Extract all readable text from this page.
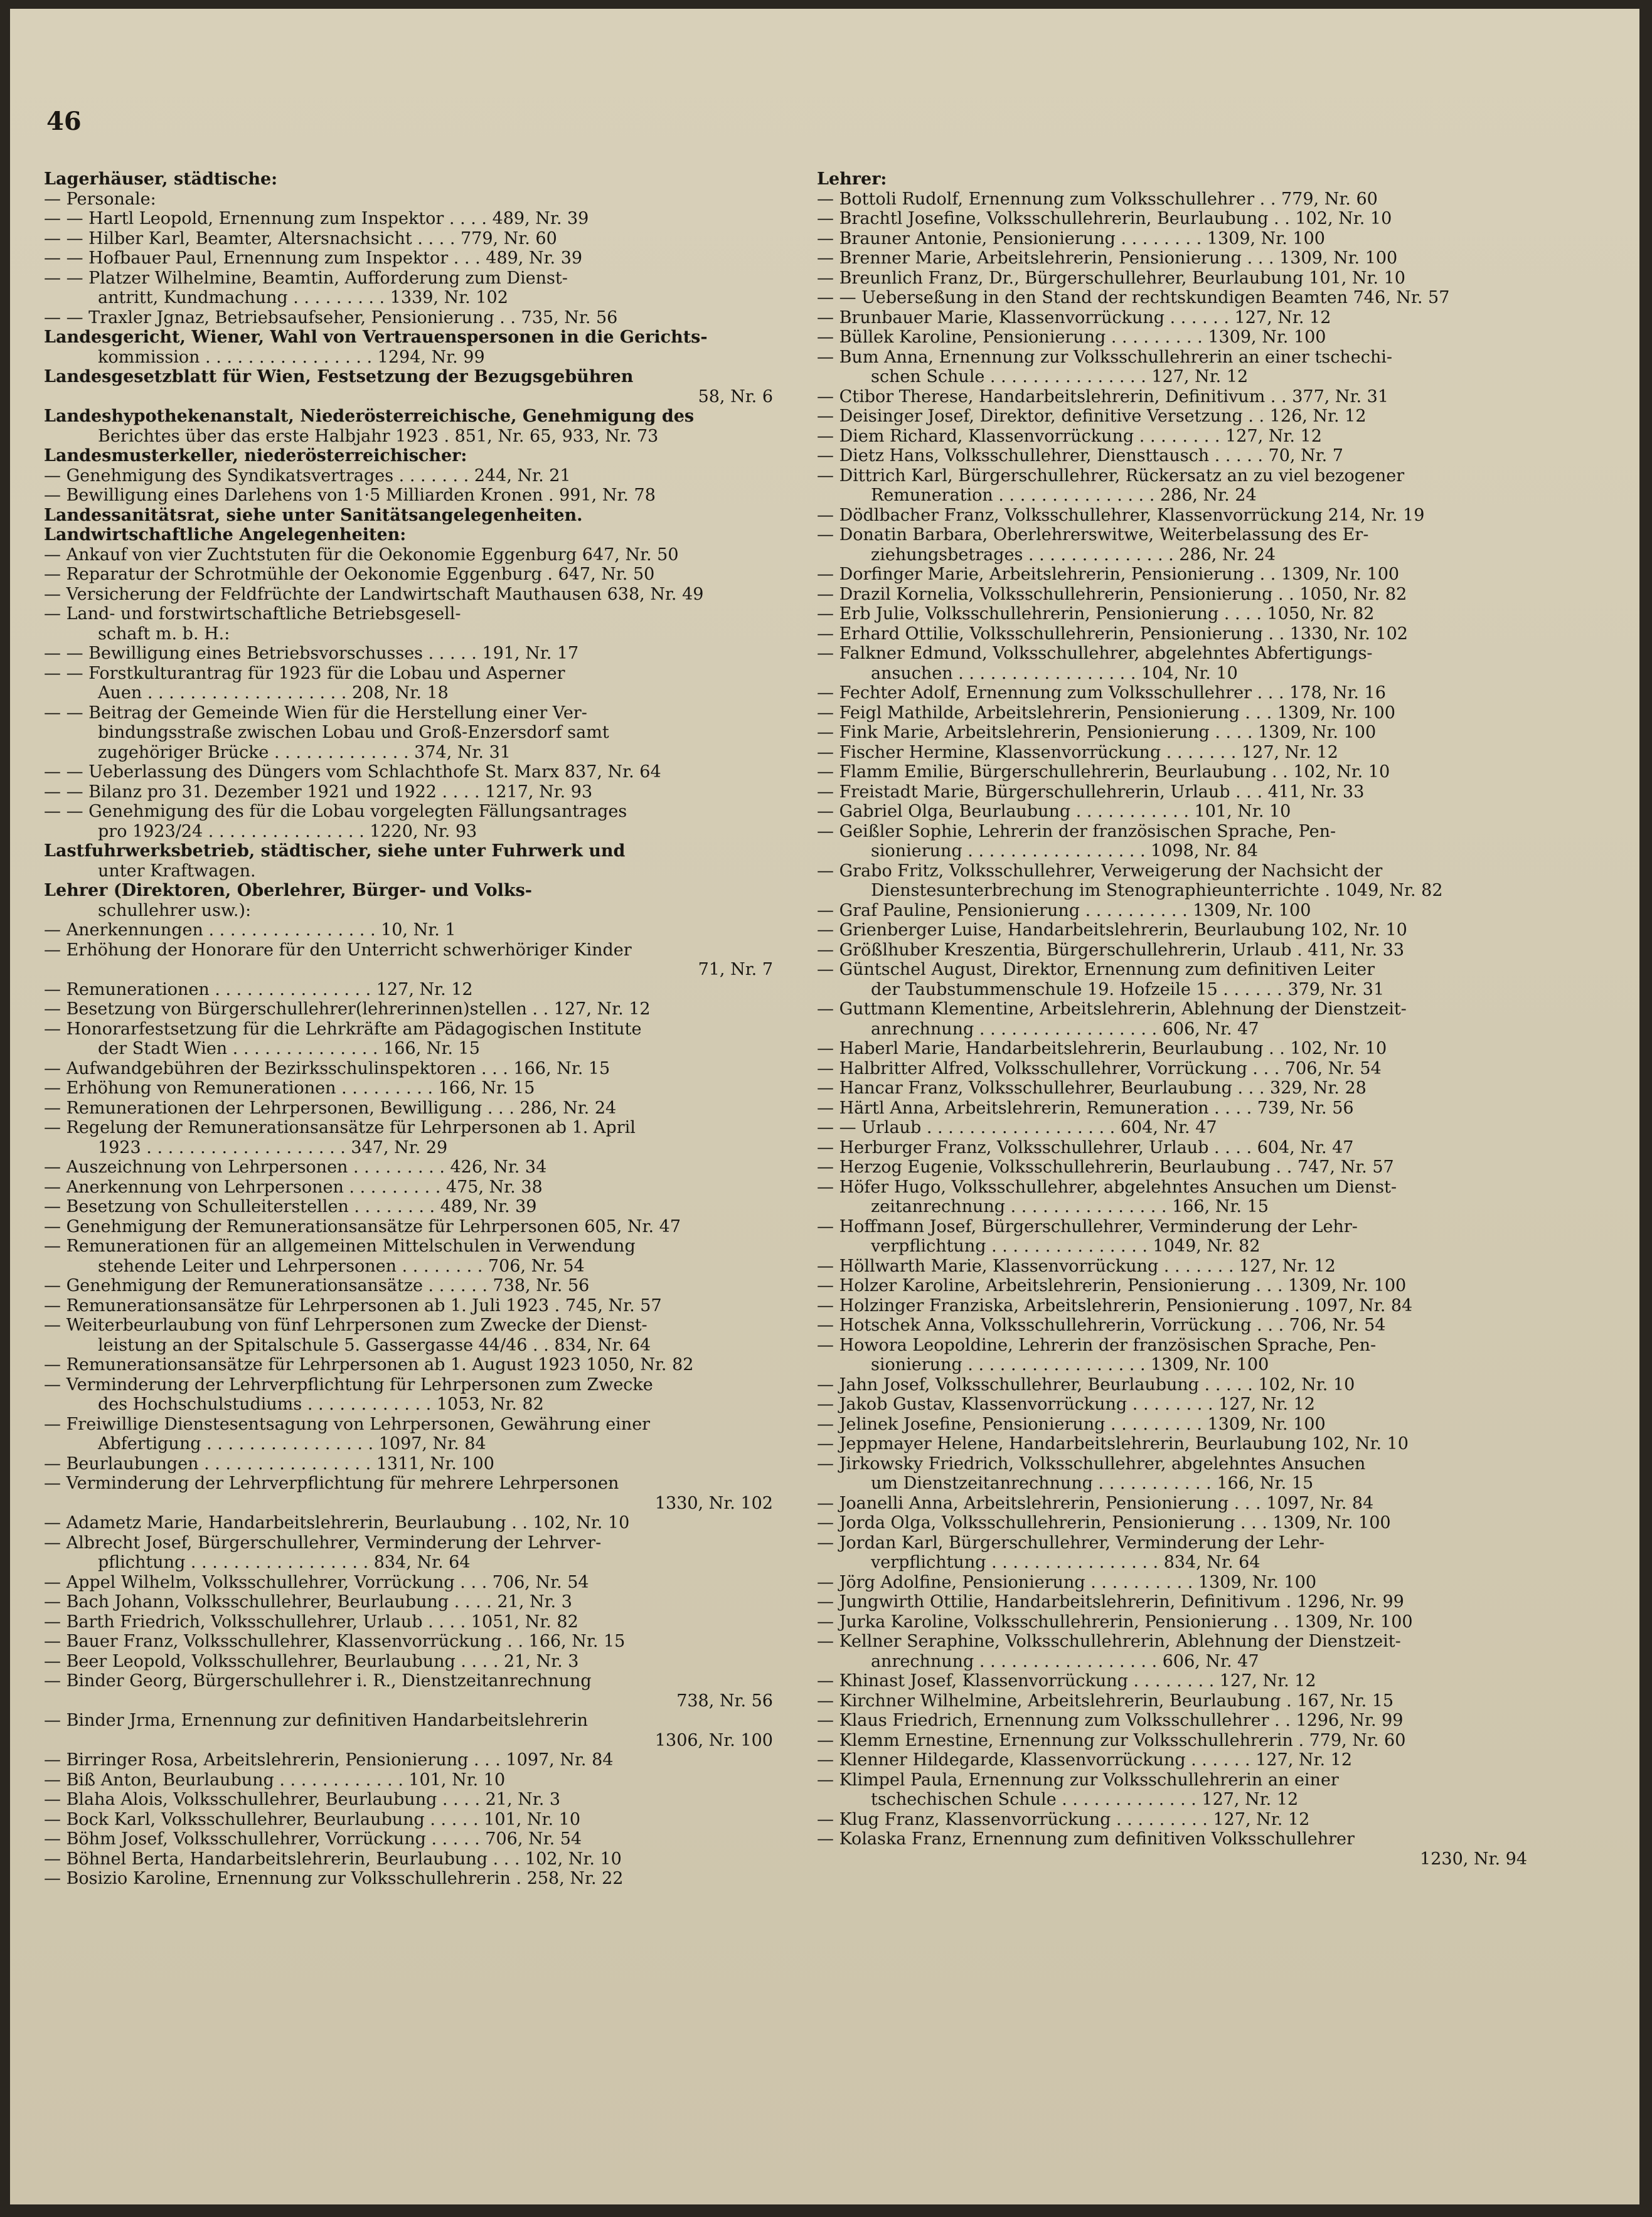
46
Lagerhäuser, städtische:
— Personale:
— — Hartl Leopold, Ernennung zum Inspektor . . . . 489, Nr. 39
— — Hilber Karl, Beamter, Altersnachsicht . . . . 779, Nr. 60
— — Hofbauer Paul, Ernennung zum Inspektor . . . 489, Nr. 39
— — Platzer Wilhelmine, Beamtin, Aufforderung zum Dienst-
antritt, Kundmachung . . . . . . . . . 1339, Nr. 102
— — Traxler Jgnaz, Betriebsaufseher, Pensionierung . . 735, Nr. 56
Landesgericht, Wiener, Wahl von Vertrauenspersonen in die Gerichts-
kommission . . . . . . . . . . . . . . . . 1294, Nr. 99
Landesgesetzblatt für Wien, Festsetzung der Bezugsgebühren
58, Nr. 6
Landeshypothekenanstalt, Niederösterreichische, Genehmigung des
Berichtes über das erste Halbjahr 1923 . 851, Nr. 65, 933, Nr. 73
Landesmusterkeller, niederösterreichischer:
— Genehmigung des Syndikatsvertrages . . . . . . . 244, Nr. 21
— Bewilligung eines Darlehens von 1·5 Milliarden Kronen . 991, Nr. 78
Landessanitätsrat, siehe unter Sanitätsangelegenheiten.
Landwirtschaftliche Angelegenheiten:
— Ankauf von vier Zuchtstuten für die Oekonomie Eggenburg 647, Nr. 50
— Reparatur der Schrotmühle der Oekonomie Eggenburg . 647, Nr. 50
— Versicherung der Feldfrüchte der Landwirtschaft Mauthausen 638, Nr. 49
— Land- und forstwirtschaftliche Betriebsgesell-
schaft m. b. H.:
— — Bewilligung eines Betriebsvorschusses . . . . . 191, Nr. 17
— — Forstkulturantrag für 1923 für die Lobau und Asperner
Auen . . . . . . . . . . . . . . . . . . . 208, Nr. 18
— — Beitrag der Gemeinde Wien für die Herstellung einer Ver-
bindungsstraße zwischen Lobau und Groß-Enzersdorf samt
zugehöriger Brücke . . . . . . . . . . . . . 374, Nr. 31
— — Ueberlassung des Düngers vom Schlachthofe St. Marx 837, Nr. 64
— — Bilanz pro 31. Dezember 1921 und 1922 . . . . 1217, Nr. 93
— — Genehmigung des für die Lobau vorgelegten Fällungsantrages
pro 1923/24 . . . . . . . . . . . . . . . 1220, Nr. 93
Lastfuhrwerksbetrieb, städtischer, siehe unter Fuhrwerk und
unter Kraftwagen.
Lehrer (Direktoren, Oberlehrer, Bürger- und Volks-
schullehrer usw.):
— Anerkennungen . . . . . . . . . . . . . . . . 10, Nr. 1
— Erhöhung der Honorare für den Unterricht schwerhöriger Kinder
71, Nr. 7
— Remunerationen . . . . . . . . . . . . . . . 127, Nr. 12
— Besetzung von Bürgerschullehrer(lehrerinnen)stellen . . 127, Nr. 12
— Honorarfestsetzung für die Lehrkräfte am Pädagogischen Institute
der Stadt Wien . . . . . . . . . . . . . . 166, Nr. 15
— Aufwandgebühren der Bezirksschulinspektoren . . . 166, Nr. 15
— Erhöhung von Remunerationen . . . . . . . . . 166, Nr. 15
— Remunerationen der Lehrpersonen, Bewilligung . . . 286, Nr. 24
— Regelung der Remunerationsansätze für Lehrpersonen ab 1. April
1923 . . . . . . . . . . . . . . . . . . . 347, Nr. 29
— Auszeichnung von Lehrpersonen . . . . . . . . . 426, Nr. 34
— Anerkennung von Lehrpersonen . . . . . . . . . 475, Nr. 38
— Besetzung von Schulleiterstellen . . . . . . . . 489, Nr. 39
— Genehmigung der Remunerationsansätze für Lehrpersonen 605, Nr. 47
— Remunerationen für an allgemeinen Mittelschulen in Verwendung
stehende Leiter und Lehrpersonen . . . . . . . . 706, Nr. 54
— Genehmigung der Remunerationsansätze . . . . . . 738, Nr. 56
— Remunerationsansätze für Lehrpersonen ab 1. Juli 1923 . 745, Nr. 57
— Weiterbeurlaubung von fünf Lehrpersonen zum Zwecke der Dienst-
leistung an der Spitalschule 5. Gassergasse 44/46 . . 834, Nr. 64
— Remunerationsansätze für Lehrpersonen ab 1. August 1923 1050, Nr. 82
— Verminderung der Lehrverpflichtung für Lehrpersonen zum Zwecke
des Hochschulstudiums . . . . . . . . . . . . 1053, Nr. 82
— Freiwillige Dienstesentsagung von Lehrpersonen, Gewährung einer
Abfertigung . . . . . . . . . . . . . . . . 1097, Nr. 84
— Beurlaubungen . . . . . . . . . . . . . . . . 1311, Nr. 100
— Verminderung der Lehrverpflichtung für mehrere Lehrpersonen
1330, Nr. 102
— Adametz Marie, Handarbeitslehrerin, Beurlaubung . . 102, Nr. 10
— Albrecht Josef, Bürgerschullehrer, Verminderung der Lehrver-
pflichtung . . . . . . . . . . . . . . . . . 834, Nr. 64
— Appel Wilhelm, Volksschullehrer, Vorrückung . . . 706, Nr. 54
— Bach Johann, Volksschullehrer, Beurlaubung . . . . 21, Nr. 3
— Barth Friedrich, Volksschullehrer, Urlaub . . . . 1051, Nr. 82
— Bauer Franz, Volksschullehrer, Klassenvorrückung . . 166, Nr. 15
— Beer Leopold, Volksschullehrer, Beurlaubung . . . . 21, Nr. 3
— Binder Georg, Bürgerschullehrer i. R., Dienstzeitanrechnung
738, Nr. 56
— Binder Jrma, Ernennung zur definitiven Handarbeitslehrerin
1306, Nr. 100
— Birringer Rosa, Arbeitslehrerin, Pensionierung . . . 1097, Nr. 84
— Biß Anton, Beurlaubung . . . . . . . . . . . . 101, Nr. 10
— Blaha Alois, Volksschullehrer, Beurlaubung . . . . 21, Nr. 3
— Bock Karl, Volksschullehrer, Beurlaubung . . . . . 101, Nr. 10
— Böhm Josef, Volksschullehrer, Vorrückung . . . . . 706, Nr. 54
— Böhnel Berta, Handarbeitslehrerin, Beurlaubung . . . 102, Nr. 10
— Bosizio Karoline, Ernennung zur Volksschullehrerin . 258, Nr. 22
Lehrer:
— Bottoli Rudolf, Ernennung zum Volksschullehrer . . 779, Nr. 60
— Brachtl Josefine, Volksschullehrerin, Beurlaubung . . 102, Nr. 10
— Brauner Antonie, Pensionierung . . . . . . . . 1309, Nr. 100
— Brenner Marie, Arbeitslehrerin, Pensionierung . . . 1309, Nr. 100
— Breunlich Franz, Dr., Bürgerschullehrer, Beurlaubung 101, Nr. 10
— — Ueberseßung in den Stand der rechtskundigen Beamten 746, Nr. 57
— Brunbauer Marie, Klassenvorrückung . . . . . . 127, Nr. 12
— Büllek Karoline, Pensionierung . . . . . . . . . 1309, Nr. 100
— Bum Anna, Ernennung zur Volksschullehrerin an einer tschechi-
schen Schule . . . . . . . . . . . . . . . 127, Nr. 12
— Ctibor Therese, Handarbeitslehrerin, Definitivum . . 377, Nr. 31
— Deisinger Josef, Direktor, definitive Versetzung . . 126, Nr. 12
— Diem Richard, Klassenvorrückung . . . . . . . . 127, Nr. 12
— Dietz Hans, Volksschullehrer, Diensttausch . . . . . 70, Nr. 7
— Dittrich Karl, Bürgerschullehrer, Rückersatz an zu viel bezogener
Remuneration . . . . . . . . . . . . . . . 286, Nr. 24
— Dödlbacher Franz, Volksschullehrer, Klassenvorrückung 214, Nr. 19
— Donatin Barbara, Oberlehrerswitwe, Weiterbelassung des Er-
ziehungsbetrages . . . . . . . . . . . . . . 286, Nr. 24
— Dorfinger Marie, Arbeitslehrerin, Pensionierung . . 1309, Nr. 100
— Drazil Kornelia, Volksschullehrerin, Pensionierung . . 1050, Nr. 82
— Erb Julie, Volksschullehrerin, Pensionierung . . . . 1050, Nr. 82
— Erhard Ottilie, Volksschullehrerin, Pensionierung . . 1330, Nr. 102
— Falkner Edmund, Volksschullehrer, abgelehntes Abfertigungs-
ansuchen . . . . . . . . . . . . . . . . . 104, Nr. 10
— Fechter Adolf, Ernennung zum Volksschullehrer . . . 178, Nr. 16
— Feigl Mathilde, Arbeitslehrerin, Pensionierung . . . 1309, Nr. 100
— Fink Marie, Arbeitslehrerin, Pensionierung . . . . 1309, Nr. 100
— Fischer Hermine, Klassenvorrückung . . . . . . . 127, Nr. 12
— Flamm Emilie, Bürgerschullehrerin, Beurlaubung . . 102, Nr. 10
— Freistadt Marie, Bürgerschullehrerin, Urlaub . . . 411, Nr. 33
— Gabriel Olga, Beurlaubung . . . . . . . . . . . 101, Nr. 10
— Geißler Sophie, Lehrerin der französischen Sprache, Pen-
sionierung . . . . . . . . . . . . . . . . . 1098, Nr. 84
— Grabo Fritz, Volksschullehrer, Verweigerung der Nachsicht der
Dienstesunterbrechung im Stenographieunterrichte . 1049, Nr. 82
— Graf Pauline, Pensionierung . . . . . . . . . . 1309, Nr. 100
— Grienberger Luise, Handarbeitslehrerin, Beurlaubung 102, Nr. 10
— Größlhuber Kreszentia, Bürgerschullehrerin, Urlaub . 411, Nr. 33
— Güntschel August, Direktor, Ernennung zum definitiven Leiter
der Taubstummenschule 19. Hofzeile 15 . . . . . . 379, Nr. 31
— Guttmann Klementine, Arbeitslehrerin, Ablehnung der Dienstzeit-
anrechnung . . . . . . . . . . . . . . . . . 606, Nr. 47
— Haberl Marie, Handarbeitslehrerin, Beurlaubung . . 102, Nr. 10
— Halbritter Alfred, Volksschullehrer, Vorrückung . . . 706, Nr. 54
— Hancar Franz, Volksschullehrer, Beurlaubung . . . 329, Nr. 28
— Härtl Anna, Arbeitslehrerin, Remuneration . . . . 739, Nr. 56
— — Urlaub . . . . . . . . . . . . . . . . . . 604, Nr. 47
— Herburger Franz, Volksschullehrer, Urlaub . . . . 604, Nr. 47
— Herzog Eugenie, Volksschullehrerin, Beurlaubung . . 747, Nr. 57
— Höfer Hugo, Volksschullehrer, abgelehntes Ansuchen um Dienst-
zeitanrechnung . . . . . . . . . . . . . . . 166, Nr. 15
— Hoffmann Josef, Bürgerschullehrer, Verminderung der Lehr-
verpflichtung . . . . . . . . . . . . . . . 1049, Nr. 82
— Höllwarth Marie, Klassenvorrückung . . . . . . . 127, Nr. 12
— Holzer Karoline, Arbeitslehrerin, Pensionierung . . . 1309, Nr. 100
— Holzinger Franziska, Arbeitslehrerin, Pensionierung . 1097, Nr. 84
— Hotschek Anna, Volksschullehrerin, Vorrückung . . . 706, Nr. 54
— Howora Leopoldine, Lehrerin der französischen Sprache, Pen-
sionierung . . . . . . . . . . . . . . . . . 1309, Nr. 100
— Jahn Josef, Volksschullehrer, Beurlaubung . . . . . 102, Nr. 10
— Jakob Gustav, Klassenvorrückung . . . . . . . . 127, Nr. 12
— Jelinek Josefine, Pensionierung . . . . . . . . . 1309, Nr. 100
— Jeppmayer Helene, Handarbeitslehrerin, Beurlaubung 102, Nr. 10
— Jirkowsky Friedrich, Volksschullehrer, abgelehntes Ansuchen
um Dienstzeitanrechnung . . . . . . . . . . . 166, Nr. 15
— Joanelli Anna, Arbeitslehrerin, Pensionierung . . . 1097, Nr. 84
— Jorda Olga, Volksschullehrerin, Pensionierung . . . 1309, Nr. 100
— Jordan Karl, Bürgerschullehrer, Verminderung der Lehr-
verpflichtung . . . . . . . . . . . . . . . . 834, Nr. 64
— Jörg Adolfine, Pensionierung . . . . . . . . . . 1309, Nr. 100
— Jungwirth Ottilie, Handarbeitslehrerin, Definitivum . 1296, Nr. 99
— Jurka Karoline, Volksschullehrerin, Pensionierung . . 1309, Nr. 100
— Kellner Seraphine, Volksschullehrerin, Ablehnung der Dienstzeit-
anrechnung . . . . . . . . . . . . . . . . . 606, Nr. 47
— Khinast Josef, Klassenvorrückung . . . . . . . . 127, Nr. 12
— Kirchner Wilhelmine, Arbeitslehrerin, Beurlaubung . 167, Nr. 15
— Klaus Friedrich, Ernennung zum Volksschullehrer . . 1296, Nr. 99
— Klemm Ernestine, Ernennung zur Volksschullehrerin . 779, Nr. 60
— Klenner Hildegarde, Klassenvorrückung . . . . . . 127, Nr. 12
— Klimpel Paula, Ernennung zur Volksschullehrerin an einer
tschechischen Schule . . . . . . . . . . . . . 127, Nr. 12
— Klug Franz, Klassenvorrückung . . . . . . . . . 127, Nr. 12
— Kolaska Franz, Ernennung zum definitiven Volksschullehrer
1230, Nr. 94
